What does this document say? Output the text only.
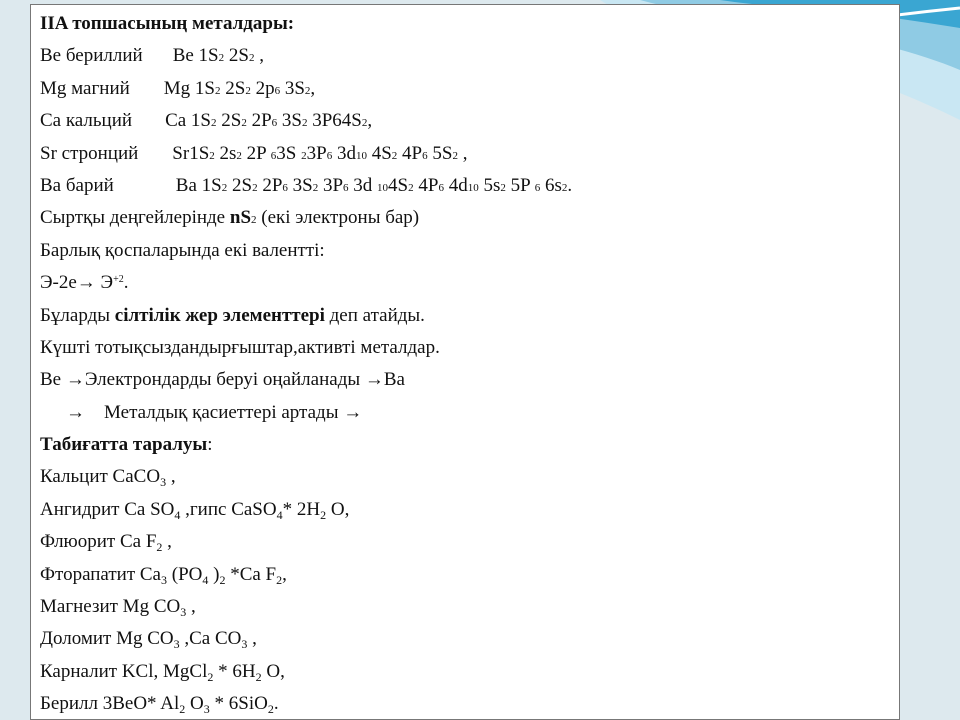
IIA топшасының металдары:
Ве бериллий Ве 1S2 2S2 ,
Mg магний Mg 1S2 2S2 2p6 3S2,
Са кальций Са 1S2 2S2 2P6 3S2 3P64S2,
Sr стронций Sr1S2 2s2 2P 63S 23P6 3d10 4S2 4P6 5S2 ,
Ва барий	Ва 1S2 2S2 2P6 3S2 3P6 3d 104S2 4P6 4d10 5s2 5P 6 6s2.
Сыртқы деңгейлерінде nS2 (екі электроны бар)
Барлық қоспаларында екі валентті:
$Э-2е\to Э^{+2}$.
Бұларды сілтілік жер элементтері деп атайды.
Күшті тотықсыздандырғыштар,активті металдар.
Ве →Электрондарды беруі оңайланады →Ва
→    Металдық қасиеттері артады →
Табиғатта таралуы:
Кальцит CaCO$_3$ ,
Ангидрит Ca $SO_4$ ,гипс CaSO$_4$* $2H_2$ O,
Флюорит Ca $F_2$ ,
Фторапатит $Ca_3$ ($PO_4$ )$_2$ *Ca $F_2$,
Магнезит Mg $CO_3$ ,
Доломит Mg $CO_3$ ,Ca $CO_3$ ,
Карналит KCl, MgCl$_2$ * $6H_2$ O,
Берилл 3BeO* $Al_2$ $O_3 * 6SiO_2$.
